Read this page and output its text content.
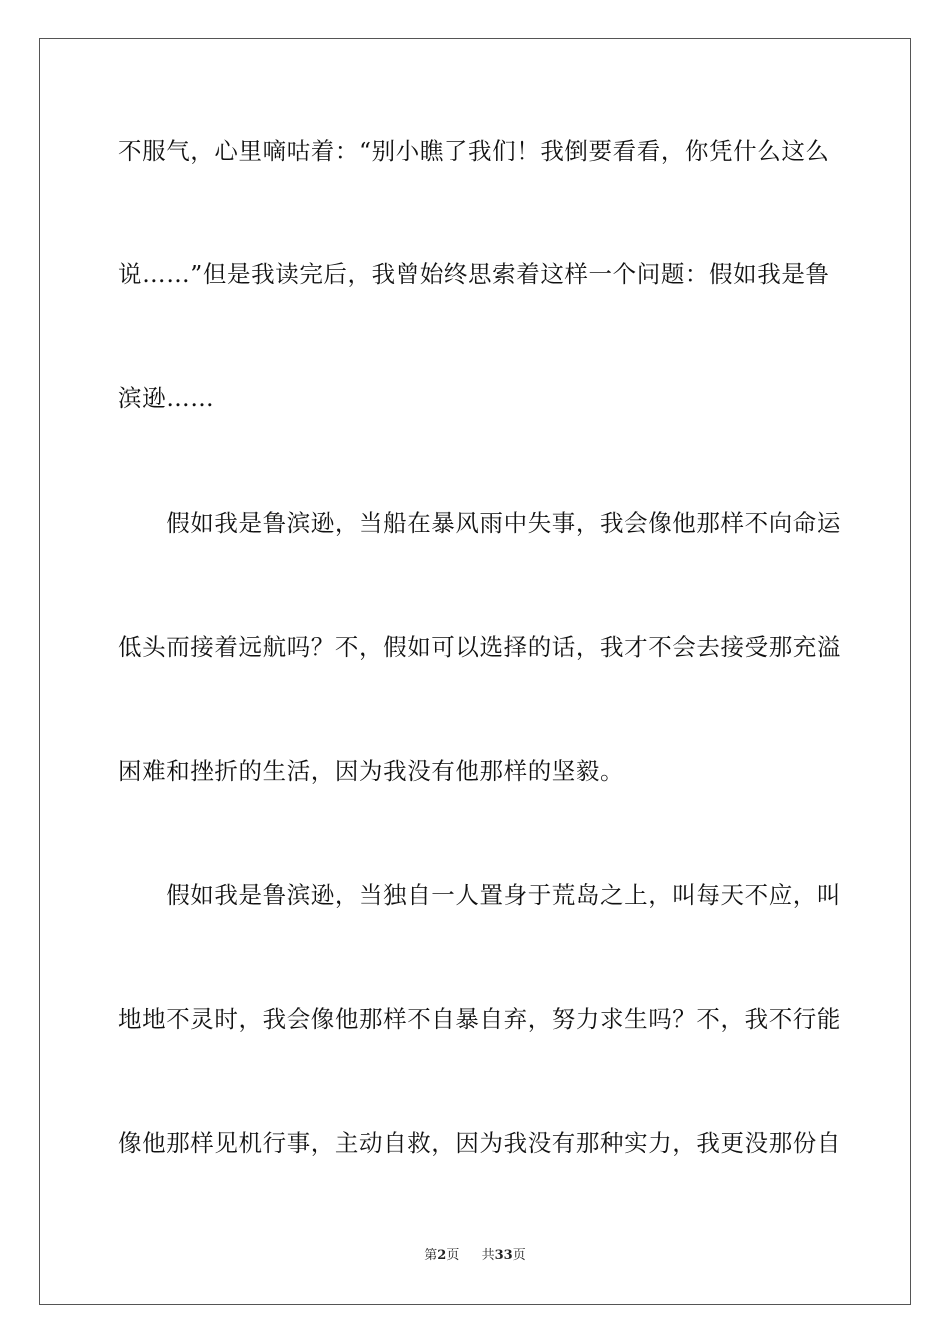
不服气，心里嘀咕着：“别小瞧了我们！我倒要看看，你凭什么这么
说……”但是我读完后，我曾始终思索着这样一个问题：假如我是鲁
滨逊……
　　假如我是鲁滨逊，当船在暴风雨中失事，我会像他那样不向命运
低头而接着远航吗？不，假如可以选择的话，我才不会去接受那充溢
困难和挫折的生活，因为我没有他那样的坚毅。
　　假如我是鲁滨逊，当独自一人置身于荒岛之上，叫每天不应，叫
地地不灵时，我会像他那样不自暴自弃，努力求生吗？不，我不行能
像他那样见机行事，主动自救，因为我没有那种实力，我更没那份自
第2页 共33页
